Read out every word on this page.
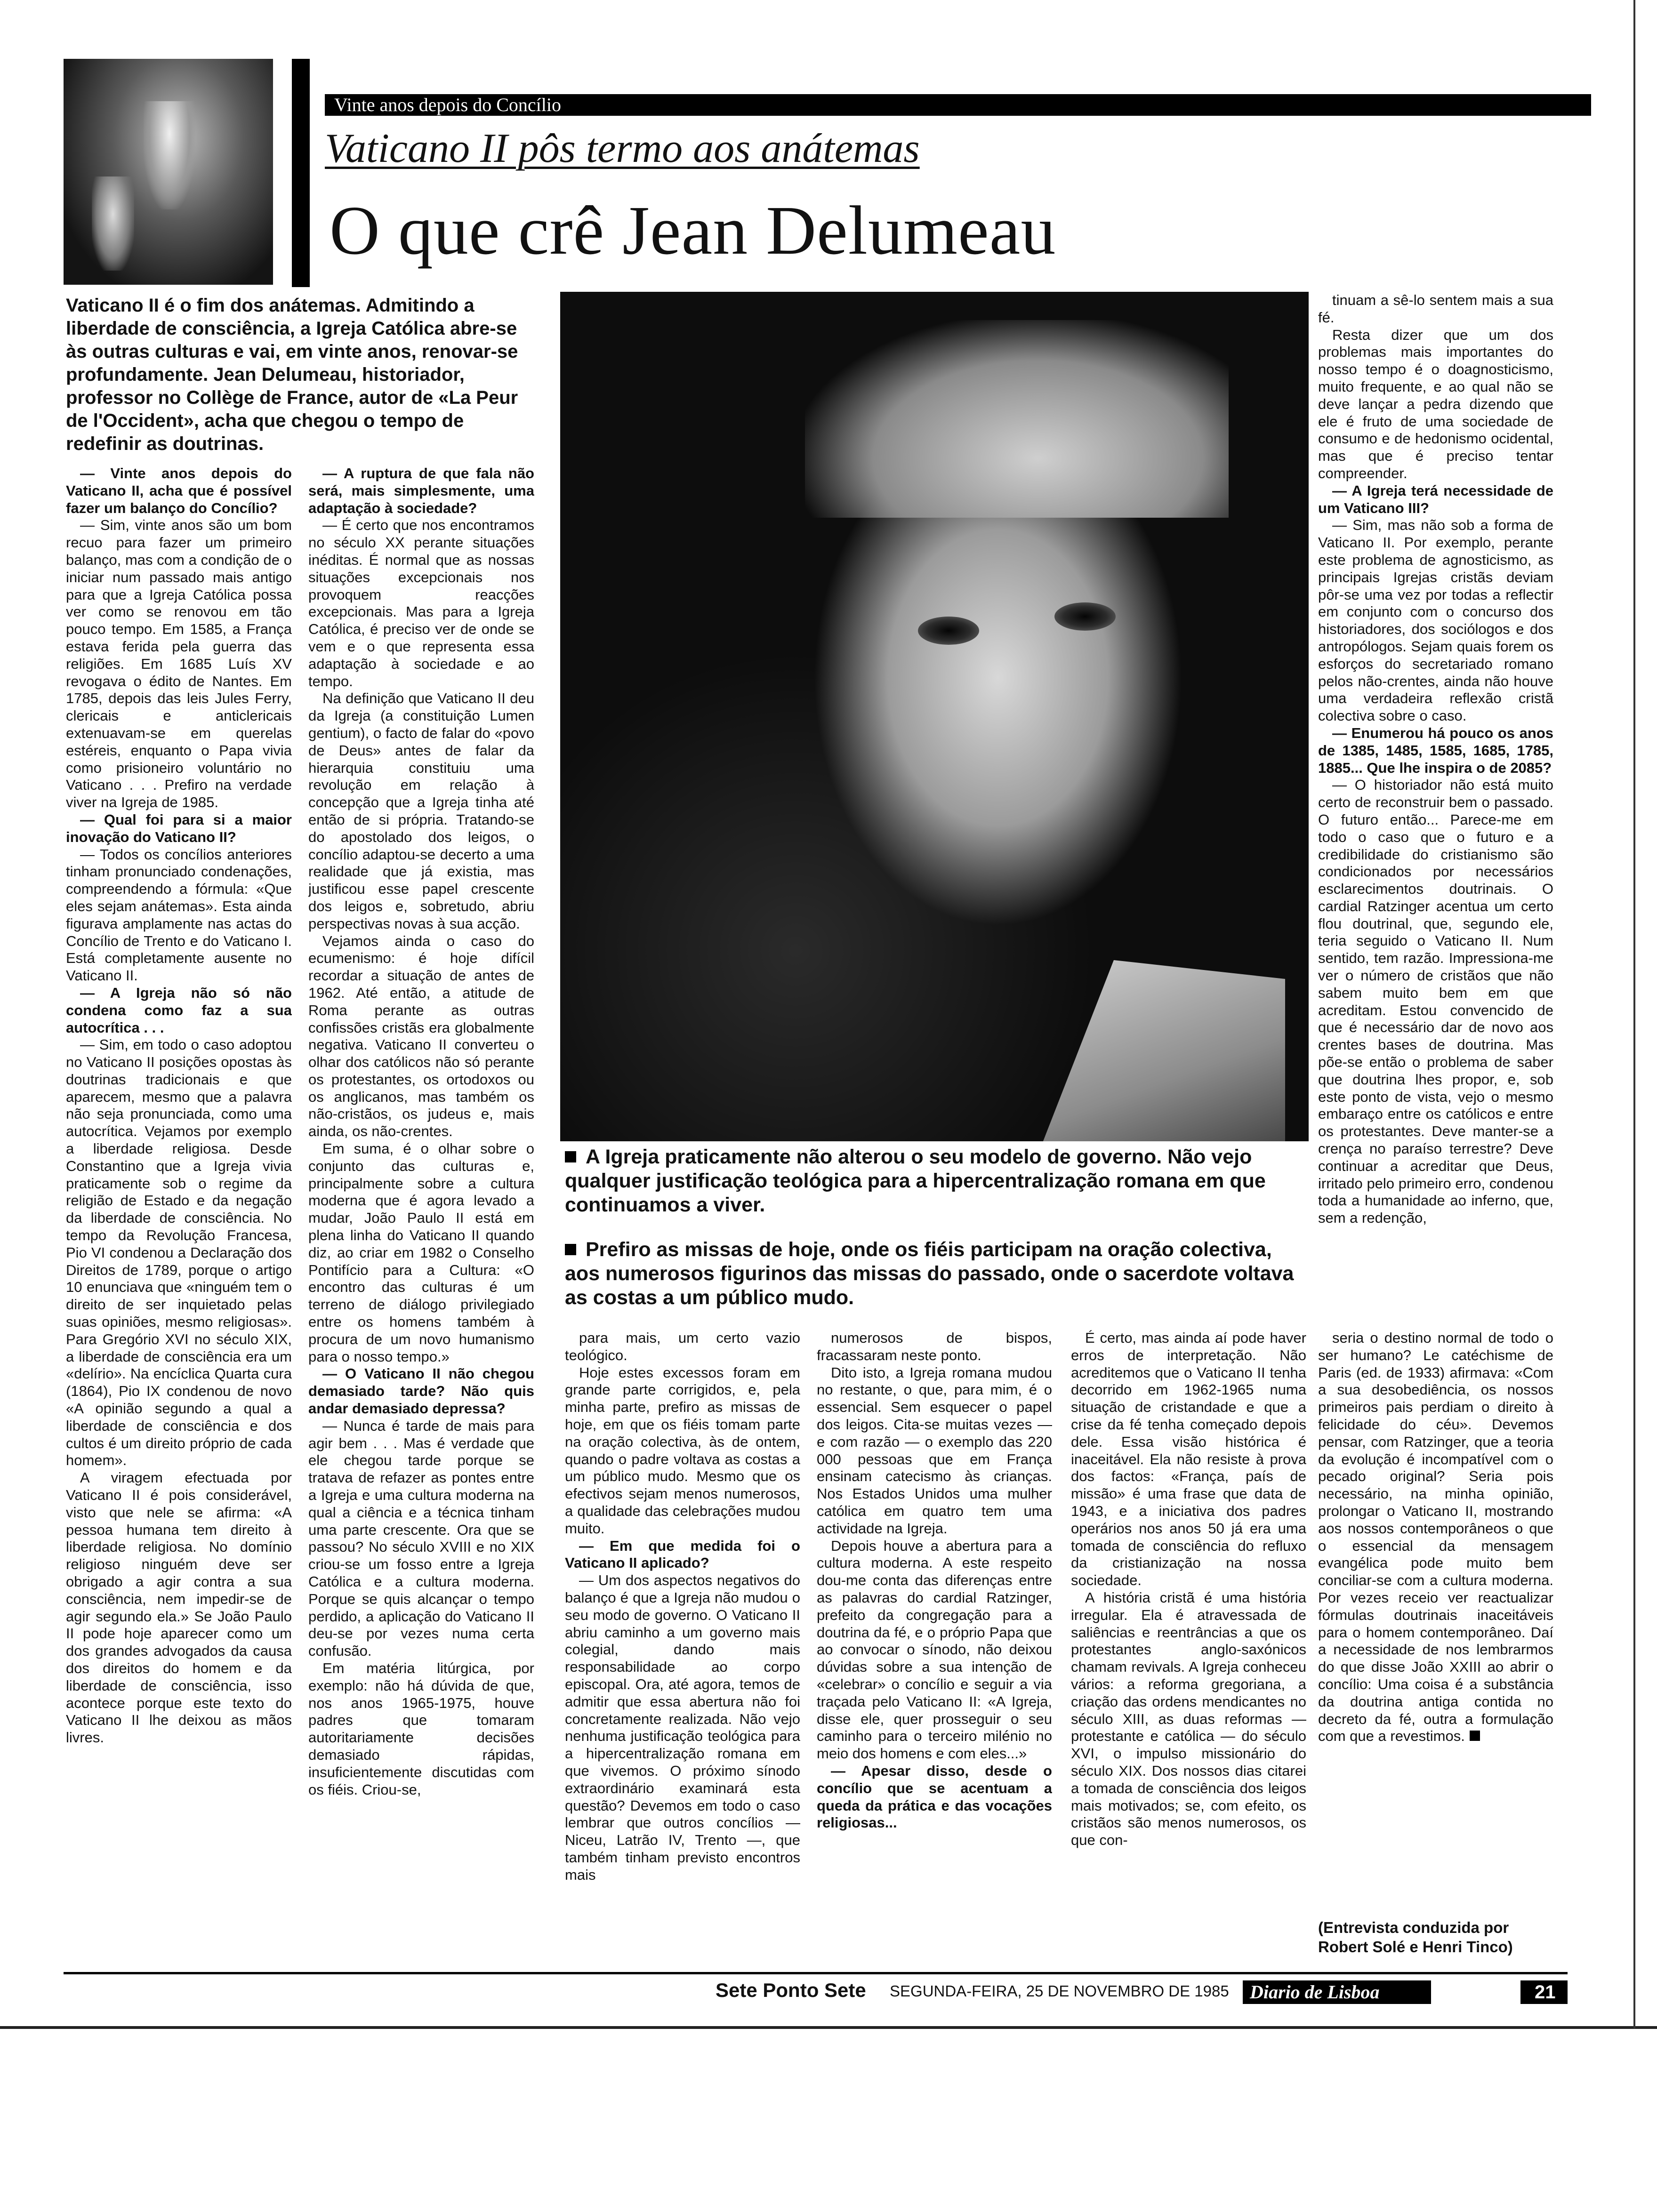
Vinte anos depois do Concílio
Vaticano II pôs termo aos anátemas
O que crê Jean Delumeau
Vaticano II é o fim dos anátemas. Admitindo a liberdade de consciência, a Igreja Católica abre-se às outras culturas e vai, em vinte anos, renovar-se profundamente. Jean Delumeau, historiador, professor no Collège de France, autor de «La Peur de l'Occident», acha que chegou o tempo de redefinir as doutrinas.

— Vinte anos depois do Vaticano II, acha que é possível fazer um balanço do Concílio?

— Sim, vinte anos são um bom recuo para fazer um primeiro balanço, mas com a condição de o iniciar num passado mais antigo para que a Igreja Católica possa ver como se renovou em tão pouco tempo. Em 1585, a França estava ferida pela guerra das religiões. Em 1685 Luís XV revogava o édito de Nantes. Em 1785, depois das leis Jules Ferry, clericais e anticlericais extenuavam-se em querelas estéreis, enquanto o Papa vivia como prisioneiro voluntário no Vaticano . . . Prefiro na verdade viver na Igreja de 1985.

— Qual foi para si a maior inovação do Vaticano II?

— Todos os concílios anteriores tinham pronunciado condenações, compreendendo a fórmula: «Que eles sejam anátemas». Esta ainda figurava amplamente nas actas do Concílio de Trento e do Vaticano I. Está completamente ausente no Vaticano II.

— A Igreja não só não condena como faz a sua autocrítica . . .

— Sim, em todo o caso adoptou no Vaticano II posições opostas às doutrinas tradicionais e que aparecem, mesmo que a palavra não seja pronunciada, como uma autocrítica. Vejamos por exemplo a liberdade religiosa. Desde Constantino que a Igreja vivia praticamente sob o regime da religião de Estado e da negação da liberdade de consciência. No tempo da Revolução Francesa, Pio VI condenou a Declaração dos Direitos de 1789, porque o artigo 10 enunciava que «ninguém tem o direito de ser inquietado pelas suas opiniões, mesmo religiosas». Para Gregório XVI no século XIX, a liberdade de consciência era um «delírio». Na encíclica Quarta cura (1864), Pio IX condenou de novo «A opinião segundo a qual a liberdade de consciência e dos cultos é um direito próprio de cada homem».

A viragem efectuada por Vaticano II é pois considerável, visto que nele se afirma: «A pessoa humana tem direito à liberdade religiosa. No domínio religioso ninguém deve ser obrigado a agir contra a sua consciência, nem impedir-se de agir segundo ela.» Se João Paulo II pode hoje aparecer como um dos grandes advogados da causa dos direitos do homem e da liberdade de consciência, isso acontece porque este texto do Vaticano II lhe deixou as mãos livres.

— A ruptura de que fala não será, mais simplesmente, uma adaptação à sociedade?

— É certo que nos encontramos no século XX perante situações inéditas. É normal que as nossas situações excepcionais nos provoquem reacções excepcionais. Mas para a Igreja Católica, é preciso ver de onde se vem e o que representa essa adaptação à sociedade e ao tempo.

Na definição que Vaticano II deu da Igreja (a constituição Lumen gentium), o facto de falar do «povo de Deus» antes de falar da hierarquia constituiu uma revolução em relação à concepção que a Igreja tinha até então de si própria. Tratando-se do apostolado dos leigos, o concílio adaptou-se decerto a uma realidade que já existia, mas justificou esse papel crescente dos leigos e, sobretudo, abriu perspectivas novas à sua acção.

Vejamos ainda o caso do ecumenismo: é hoje difícil recordar a situação de antes de 1962. Até então, a atitude de Roma perante as outras confissões cristãs era globalmente negativa. Vaticano II converteu o olhar dos católicos não só perante os protestantes, os ortodoxos ou os anglicanos, mas também os não-cristãos, os judeus e, mais ainda, os não-crentes.

Em suma, é o olhar sobre o conjunto das culturas e, principalmente sobre a cultura moderna que é agora levado a mudar, João Paulo II está em plena linha do Vaticano II quando diz, ao criar em 1982 o Conselho Pontifício para a Cultura: «O encontro das culturas é um terreno de diálogo privilegiado entre os homens também à procura de um novo humanismo para o nosso tempo.»

— O Vaticano II não chegou demasiado tarde? Não quis andar demasiado depressa?

— Nunca é tarde de mais para agir bem . . . Mas é verdade que ele chegou tarde porque se tratava de refazer as pontes entre a Igreja e uma cultura moderna na qual a ciência e a técnica tinham uma parte crescente. Ora que se passou? No século XVIII e no XIX criou-se um fosso entre a Igreja Católica e a cultura moderna. Porque se quis alcançar o tempo perdido, a aplicação do Vaticano II deu-se por vezes numa certa confusão.

Em matéria litúrgica, por exemplo: não há dúvida de que, nos anos 1965-1975, houve padres que tomaram autoritariamente decisões demasiado rápidas, insuficientemente discutidas com os fiéis. Criou-se,

A Igreja praticamente não alterou o seu modelo de governo. Não vejo qualquer justificação teológica para a hipercentralização romana em que continuamos a viver.
Prefiro as missas de hoje, onde os fiéis participam na oração colectiva, aos numerosos figurinos das missas do passado, onde o sacerdote voltava as costas a um público mudo.

para mais, um certo vazio teológico.

Hoje estes excessos foram em grande parte corrigidos, e, pela minha parte, prefiro as missas de hoje, em que os fiéis tomam parte na oração colectiva, às de ontem, quando o padre voltava as costas a um público mudo. Mesmo que os efectivos sejam menos numerosos, a qualidade das celebrações mudou muito.

— Em que medida foi o Vaticano II aplicado?

— Um dos aspectos negativos do balanço é que a Igreja não mudou o seu modo de governo. O Vaticano II abriu caminho a um governo mais colegial, dando mais responsabilidade ao corpo episcopal. Ora, até agora, temos de admitir que essa abertura não foi concretamente realizada. Não vejo nenhuma justificação teológica para a hipercentralização romana em que vivemos. O próximo sínodo extraordinário examinará esta questão? Devemos em todo o caso lembrar que outros concílios — Niceu, Latrão IV, Trento —, que também tinham previsto encontros mais

numerosos de bispos, fracassaram neste ponto.

Dito isto, a Igreja romana mudou no restante, o que, para mim, é o essencial. Sem esquecer o papel dos leigos. Cita-se muitas vezes — e com razão — o exemplo das 220 000 pessoas que em França ensinam catecismo às crianças. Nos Estados Unidos uma mulher católica em quatro tem uma actividade na Igreja.

Depois houve a abertura para a cultura moderna. A este respeito dou-me conta das diferenças entre as palavras do cardial Ratzinger, prefeito da congregação para a doutrina da fé, e o próprio Papa que ao convocar o sínodo, não deixou dúvidas sobre a sua intenção de «celebrar» o concílio e seguir a via traçada pelo Vaticano II: «A Igreja, disse ele, quer prosseguir o seu caminho para o terceiro milénio no meio dos homens e com eles...»

— Apesar disso, desde o concílio que se acentuam a queda da prática e das vocações religiosas...

É certo, mas ainda aí pode haver erros de interpretação. Não acreditemos que o Vaticano II tenha decorrido em 1962-1965 numa situação de cristandade e que a crise da fé tenha começado depois dele. Essa visão histórica é inaceitável. Ela não resiste à prova dos factos: «França, país de missão» é uma frase que data de 1943, e a iniciativa dos padres operários nos anos 50 já era uma tomada de consciência do refluxo da cristianização na nossa sociedade.

A história cristã é uma história irregular. Ela é atravessada de saliências e reentrâncias a que os protestantes anglo-saxónicos chamam revivals. A Igreja conheceu vários: a reforma gregoriana, a criação das ordens mendicantes no século XIII, as duas reformas — protestante e católica — do século XVI, o impulso missionário do século XIX. Dos nossos dias citarei a tomada de consciência dos leigos mais motivados; se, com efeito, os cristãos são menos numerosos, os que con-

tinuam a sê-lo sentem mais a sua fé.

Resta dizer que um dos problemas mais importantes do nosso tempo é o doagnosticismo, muito frequente, e ao qual não se deve lançar a pedra dizendo que ele é fruto de uma sociedade de consumo e de hedonismo ocidental, mas que é preciso tentar compreender.

— A Igreja terá necessidade de um Vaticano III?

— Sim, mas não sob a forma de Vaticano II. Por exemplo, perante este problema de agnosticismo, as principais Igrejas cristãs deviam pôr-se uma vez por todas a reflectir em conjunto com o concurso dos historiadores, dos sociólogos e dos antropólogos. Sejam quais forem os esforços do secretariado romano pelos não-crentes, ainda não houve uma verdadeira reflexão cristã colectiva sobre o caso.

— Enumerou há pouco os anos de 1385, 1485, 1585, 1685, 1785, 1885... Que lhe inspira o de 2085?

— O historiador não está muito certo de reconstruir bem o passado. O futuro então... Parece-me em todo o caso que o futuro e a credibilidade do cristianismo são condicionados por necessários esclarecimentos doutrinais. O cardial Ratzinger acentua um certo flou doutrinal, que, segundo ele, teria seguido o Vaticano II. Num sentido, tem razão. Impressiona-me ver o número de cristãos que não sabem muito bem em que acreditam. Estou convencido de que é necessário dar de novo aos crentes bases de doutrina. Mas põe-se então o problema de saber que doutrina lhes propor, e, sob este ponto de vista, vejo o mesmo embaraço entre os católicos e entre os protestantes. Deve manter-se a crença no paraíso terrestre? Deve continuar a acreditar que Deus, irritado pelo primeiro erro, condenou toda a humanidade ao inferno, que, sem a redenção,

seria o destino normal de todo o ser humano? Le catéchisme de Paris (ed. de 1933) afirmava: «Com a sua desobediência, os nossos primeiros pais perdiam o direito à felicidade do céu». Devemos pensar, com Ratzinger, que a teoria da evolução é incompatível com o pecado original? Seria pois necessário, na minha opinião, prolongar o Vaticano II, mostrando aos nossos contemporâneos o que o essencial da mensagem evangélica pode muito bem conciliar-se com a cultura moderna. Por vezes receio ver reactualizar fórmulas doutrinais inaceitáveis para o homem contemporâneo. Daí a necessidade de nos lembrarmos do que disse João XXIII ao abrir o concílio: Uma coisa é a substância da doutrina antiga contida no decreto da fé, outra a formulação com que a revestimos.

(Entrevista conduzida por Robert Solé e Henri Tinco)
Sete Ponto Sete SEGUNDA-FEIRA, 25 DE NOVEMBRO DE 1985 Diario de Lisboa	21
